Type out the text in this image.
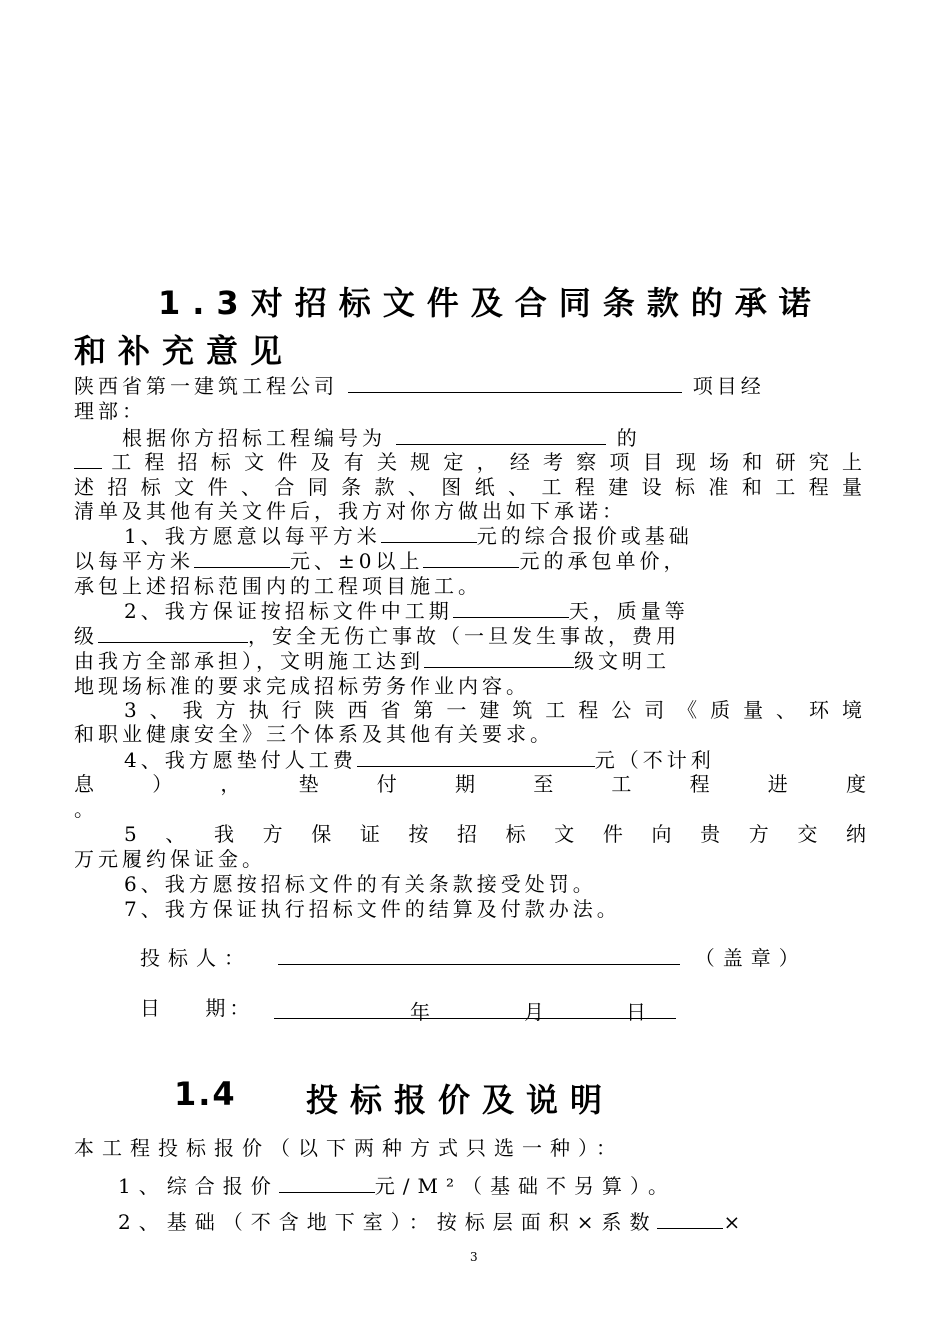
1.3对招标文件及合同条款的承诺
和补充意见
陕西省第一建筑工程公司	项目经
理部：
根据你方招标工程编号为	的
工程招标文件及有关规定，经考察项目现场和研究上
述招标文件、合同条款、图纸、工程建设标准和工程量
清单及其他有关文件后，我方对你方做出如下承诺：
1、我方愿意以每平方米	元的综合报价或基础
以每平方米	元、±0以上	元的承包单价，
承包上述招标范围内的工程项目施工。
2、我方保证按招标文件中工期	天，质量等
级	，安全无伤亡事故（一旦发生事故，费用
由我方全部承担），文明施工达到	级文明工
地现场标准的要求完成招标劳务作业内容。
3、我方执行陕西省第一建筑工程公司《质量、环境
和职业健康安全》三个体系及其他有关要求。
4、我方愿垫付人工费	元（不计利
息），垫付期至工程进度
。
5、我方保证按招标文件向贵方交纳
万元履约保证金。
6、我方愿按招标文件的有关条款接受处罚。
7、我方保证执行招标文件的结算及付款办法。
投标人：	（盖章）
日    期：	年	月	日
1.4 投标报价及说明
本工程投标报价（以下两种方式只选一种）：
1、综合报价	元/M²（基础不另算）。
2、基础（不含地下室）：按标层面积×系数	×
3
